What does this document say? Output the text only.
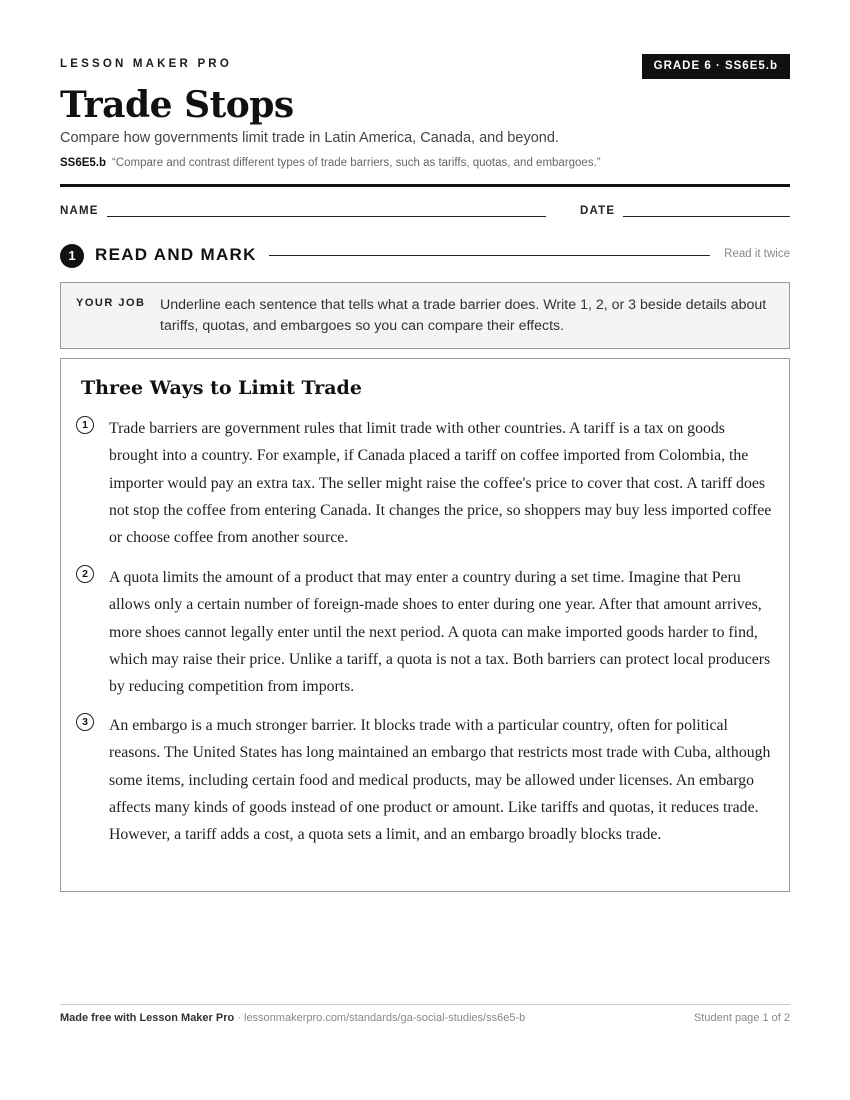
LESSON MAKER PRO	GRADE 6 · SS6E5.b
Trade Stops
Compare how governments limit trade in Latin America, Canada, and beyond.
SS6E5.b “Compare and contrast different types of trade barriers, such as tariffs, quotas, and embargoes.”
NAME	DATE
1	READ AND MARK	Read it twice
YOUR JOB Underline each sentence that tells what a trade barrier does. Write 1, 2, or 3 beside details about tariffs, quotas, and embargoes so you can compare their effects.
Three Ways to Limit Trade
1	Trade barriers are government rules that limit trade with other countries. A tariff is a tax on goods brought into a country. For example, if Canada placed a tariff on coffee imported from Colombia, the importer would pay an extra tax. The seller might raise the coffee's price to cover that cost. A tariff does not stop the coffee from entering Canada. It changes the price, so shoppers may buy less imported coffee or choose coffee from another source.

2	A quota limits the amount of a product that may enter a country during a set time. Imagine that Peru allows only a certain number of foreign-made shoes to enter during one year. After that amount arrives, more shoes cannot legally enter until the next period. A quota can make imported goods harder to find, which may raise their price. Unlike a tariff, a quota is not a tax. Both barriers can protect local producers by reducing competition from imports.

3	An embargo is a much stronger barrier. It blocks trade with a particular country, often for political reasons. The United States has long maintained an embargo that restricts most trade with Cuba, although some items, including certain food and medical products, may be allowed under licenses. An embargo affects many kinds of goods instead of one product or amount. Like tariffs and quotas, it reduces trade. However, a tariff adds a cost, a quota sets a limit, and an embargo broadly blocks trade.

Made free with Lesson Maker Pro · lessonmakerpro.com/standards/ga-social-studies/ss6e5-b	Student page 1 of 2
